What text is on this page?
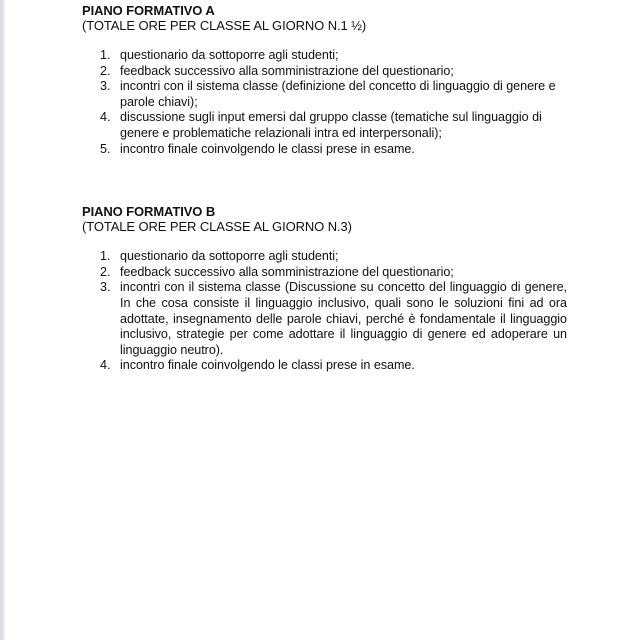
PIANO FORMATIVO A

(TOTALE ORE PER CLASSE AL GIORNO N.1 ½)

1. questionario da sottoporre agli studenti;
2. feedback successivo alla somministrazione del questionario;
3. incontri con il sistema classe (definizione del concetto di linguaggio di genere e parole chiavi);
4. discussione sugli input emersi dal gruppo classe (tematiche sul linguaggio di genere e problematiche relazionali intra ed interpersonali);
5. incontro finale coinvolgendo le classi prese in esame.

PIANO FORMATIVO B

(TOTALE ORE PER CLASSE AL GIORNO N.3)

1. questionario da sottoporre agli studenti;
2. feedback successivo alla somministrazione del questionario;
3. incontri con il sistema classe (Discussione su concetto del linguaggio di genere, In che cosa consiste il linguaggio inclusivo, quali sono le soluzioni fini ad ora adottate, insegnamento delle parole chiavi, perché è fondamentale il linguaggio inclusivo, strategie per come adottare il linguaggio di genere ed adoperare un linguaggio neutro).
4. incontro finale coinvolgendo le classi prese in esame.
